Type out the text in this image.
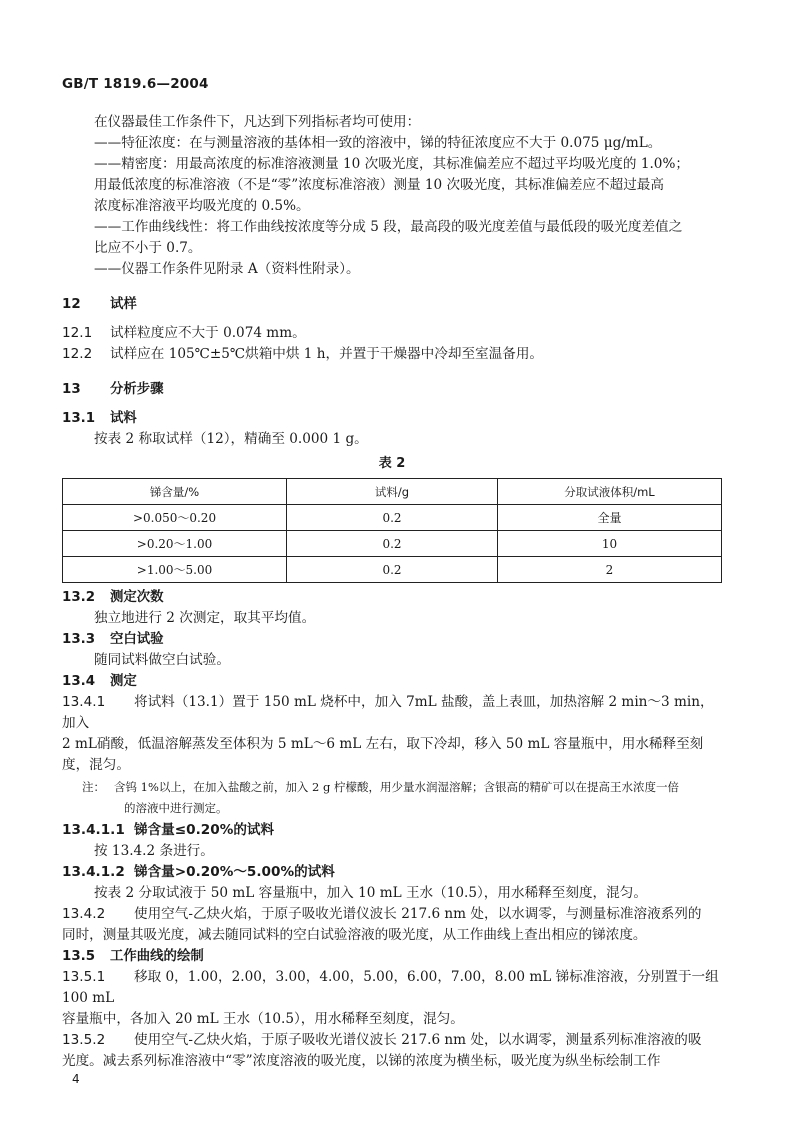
GB/T 1819.6—2004

在仪器最佳工作条件下，凡达到下列指标者均可使用：

——特征浓度：在与测量溶液的基体相一致的溶液中，锑的特征浓度应不大于 0.075 μg/mL。

——精密度：用最高浓度的标准溶液测量 10 次吸光度，其标准偏差应不超过平均吸光度的 1.0%；

用最低浓度的标准溶液（不是“零”浓度标准溶液）测量 10 次吸光度，其标准偏差应不超过最高

浓度标准溶液平均吸光度的 0.5%。

——工作曲线线性：将工作曲线按浓度等分成 5 段，最高段的吸光度差值与最低段的吸光度差值之

比应不小于 0.7。

——仪器工作条件见附录 A（资料性附录）。

12 试样

12.1 试样粒度应不大于 0.074 mm。

12.2 试样应在 105℃±5℃烘箱中烘 1 h，并置于干燥器中冷却至室温备用。

13 分析步骤

13.1 试料

按表 2 称取试样（12），精确至 0.000 1 g。

表 2
锑含量/%	试料/g	分取试液体积/mL
>0.050～0.20	0.2	全量
>0.20～1.00	0.2	10
>1.00～5.00	0.2	2

13.2 测定次数

独立地进行 2 次测定，取其平均值。

13.3 空白试验

随同试料做空白试验。

13.4 测定

13.4.1 将试料（13.1）置于 150 mL 烧杯中，加入 7mL 盐酸，盖上表皿，加热溶解 2 min～3 min，加入

2 mL硝酸，低温溶解蒸发至体积为 5 mL～6 mL 左右，取下冷却，移入 50 mL 容量瓶中，用水稀释至刻

度，混匀。

注： 含钨 1%以上，在加入盐酸之前，加入 2 g 柠檬酸，用少量水润湿溶解；含银高的精矿可以在提高王水浓度一倍

的溶液中进行测定。

13.4.1.1 锑含量≤0.20%的试料

按 13.4.2 条进行。

13.4.1.2 锑含量>0.20%～5.00%的试料

按表 2 分取试液于 50 mL 容量瓶中，加入 10 mL 王水（10.5），用水稀释至刻度，混匀。

13.4.2 使用空气-乙炔火焰，于原子吸收光谱仪波长 217.6 nm 处，以水调零，与测量标准溶液系列的

同时，测量其吸光度，减去随同试料的空白试验溶液的吸光度，从工作曲线上查出相应的锑浓度。

13.5 工作曲线的绘制

13.5.1 移取 0，1.00，2.00，3.00，4.00，5.00，6.00，7.00，8.00 mL 锑标准溶液，分别置于一组 100 mL

容量瓶中，各加入 20 mL 王水（10.5），用水稀释至刻度，混匀。

13.5.2 使用空气-乙炔火焰，于原子吸收光谱仪波长 217.6 nm 处，以水调零，测量系列标准溶液的吸

光度。减去系列标准溶液中“零”浓度溶液的吸光度，以锑的浓度为横坐标，吸光度为纵坐标绘制工作

4
